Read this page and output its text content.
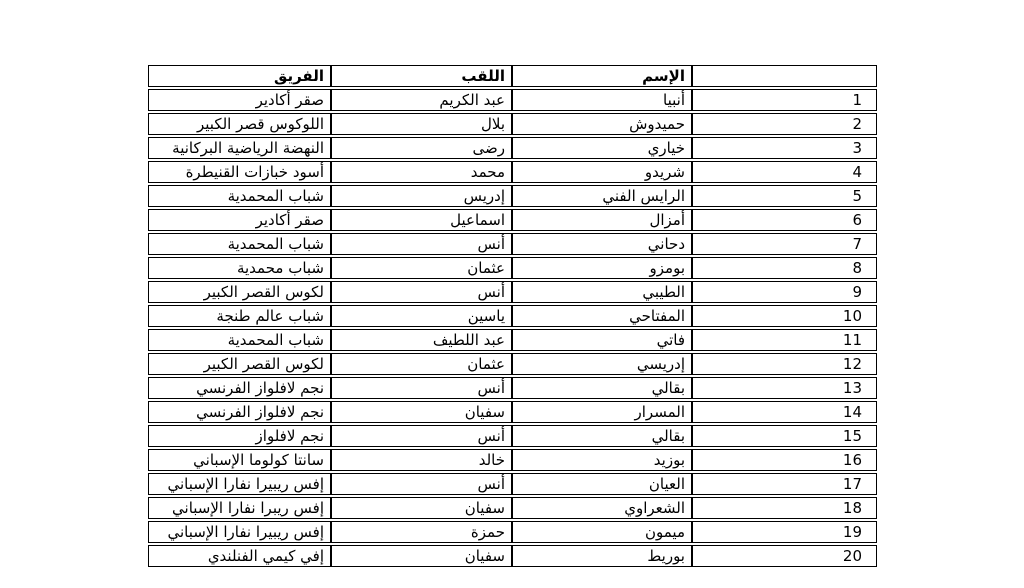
	الإسم	اللقب	الفريق
1	أنبيا	عبد الكريم	صقر أكادير
2	حميدوش	بلال	اللوكوس قصر الكبير
3	خياري	رضى	النهضة الرياضية البركانية
4	شريدو	محمد	أسود خبازات القنيطرة
5	الرايس الفني	إدريس	شباب المحمدية
6	أمزال	اسماعيل	صقر أكادير
7	دحاني	أنس	شباب المحمدية
8	بومزو	عثمان	شباب محمدية
9	الطيبي	أنس	لكوس القصر الكبير
10	المفتاحي	ياسين	شباب عالم طنجة
11	فاتي	عبد اللطيف	شباب المحمدية
12	إدريسي	عثمان	لكوس القصر الكبير
13	بقالي	أنس	نجم لافلواز الفرنسي
14	المسرار	سفيان	نجم لافلواز الفرنسي
15	بقالي	أنس	نجم لافلواز
16	بوزيد	خالد	سانتا كولوما الإسباني
17	العيان	أنس	إفس ريبيرا نفارا الإسباني
18	الشعراوي	سفيان	إفس ريبرا نفارا الإسباني
19	ميمون	حمزة	إفس ريبيرا نفارا الإسباني
20	بوريط	سفيان	إفي كيمي الفنلندي
